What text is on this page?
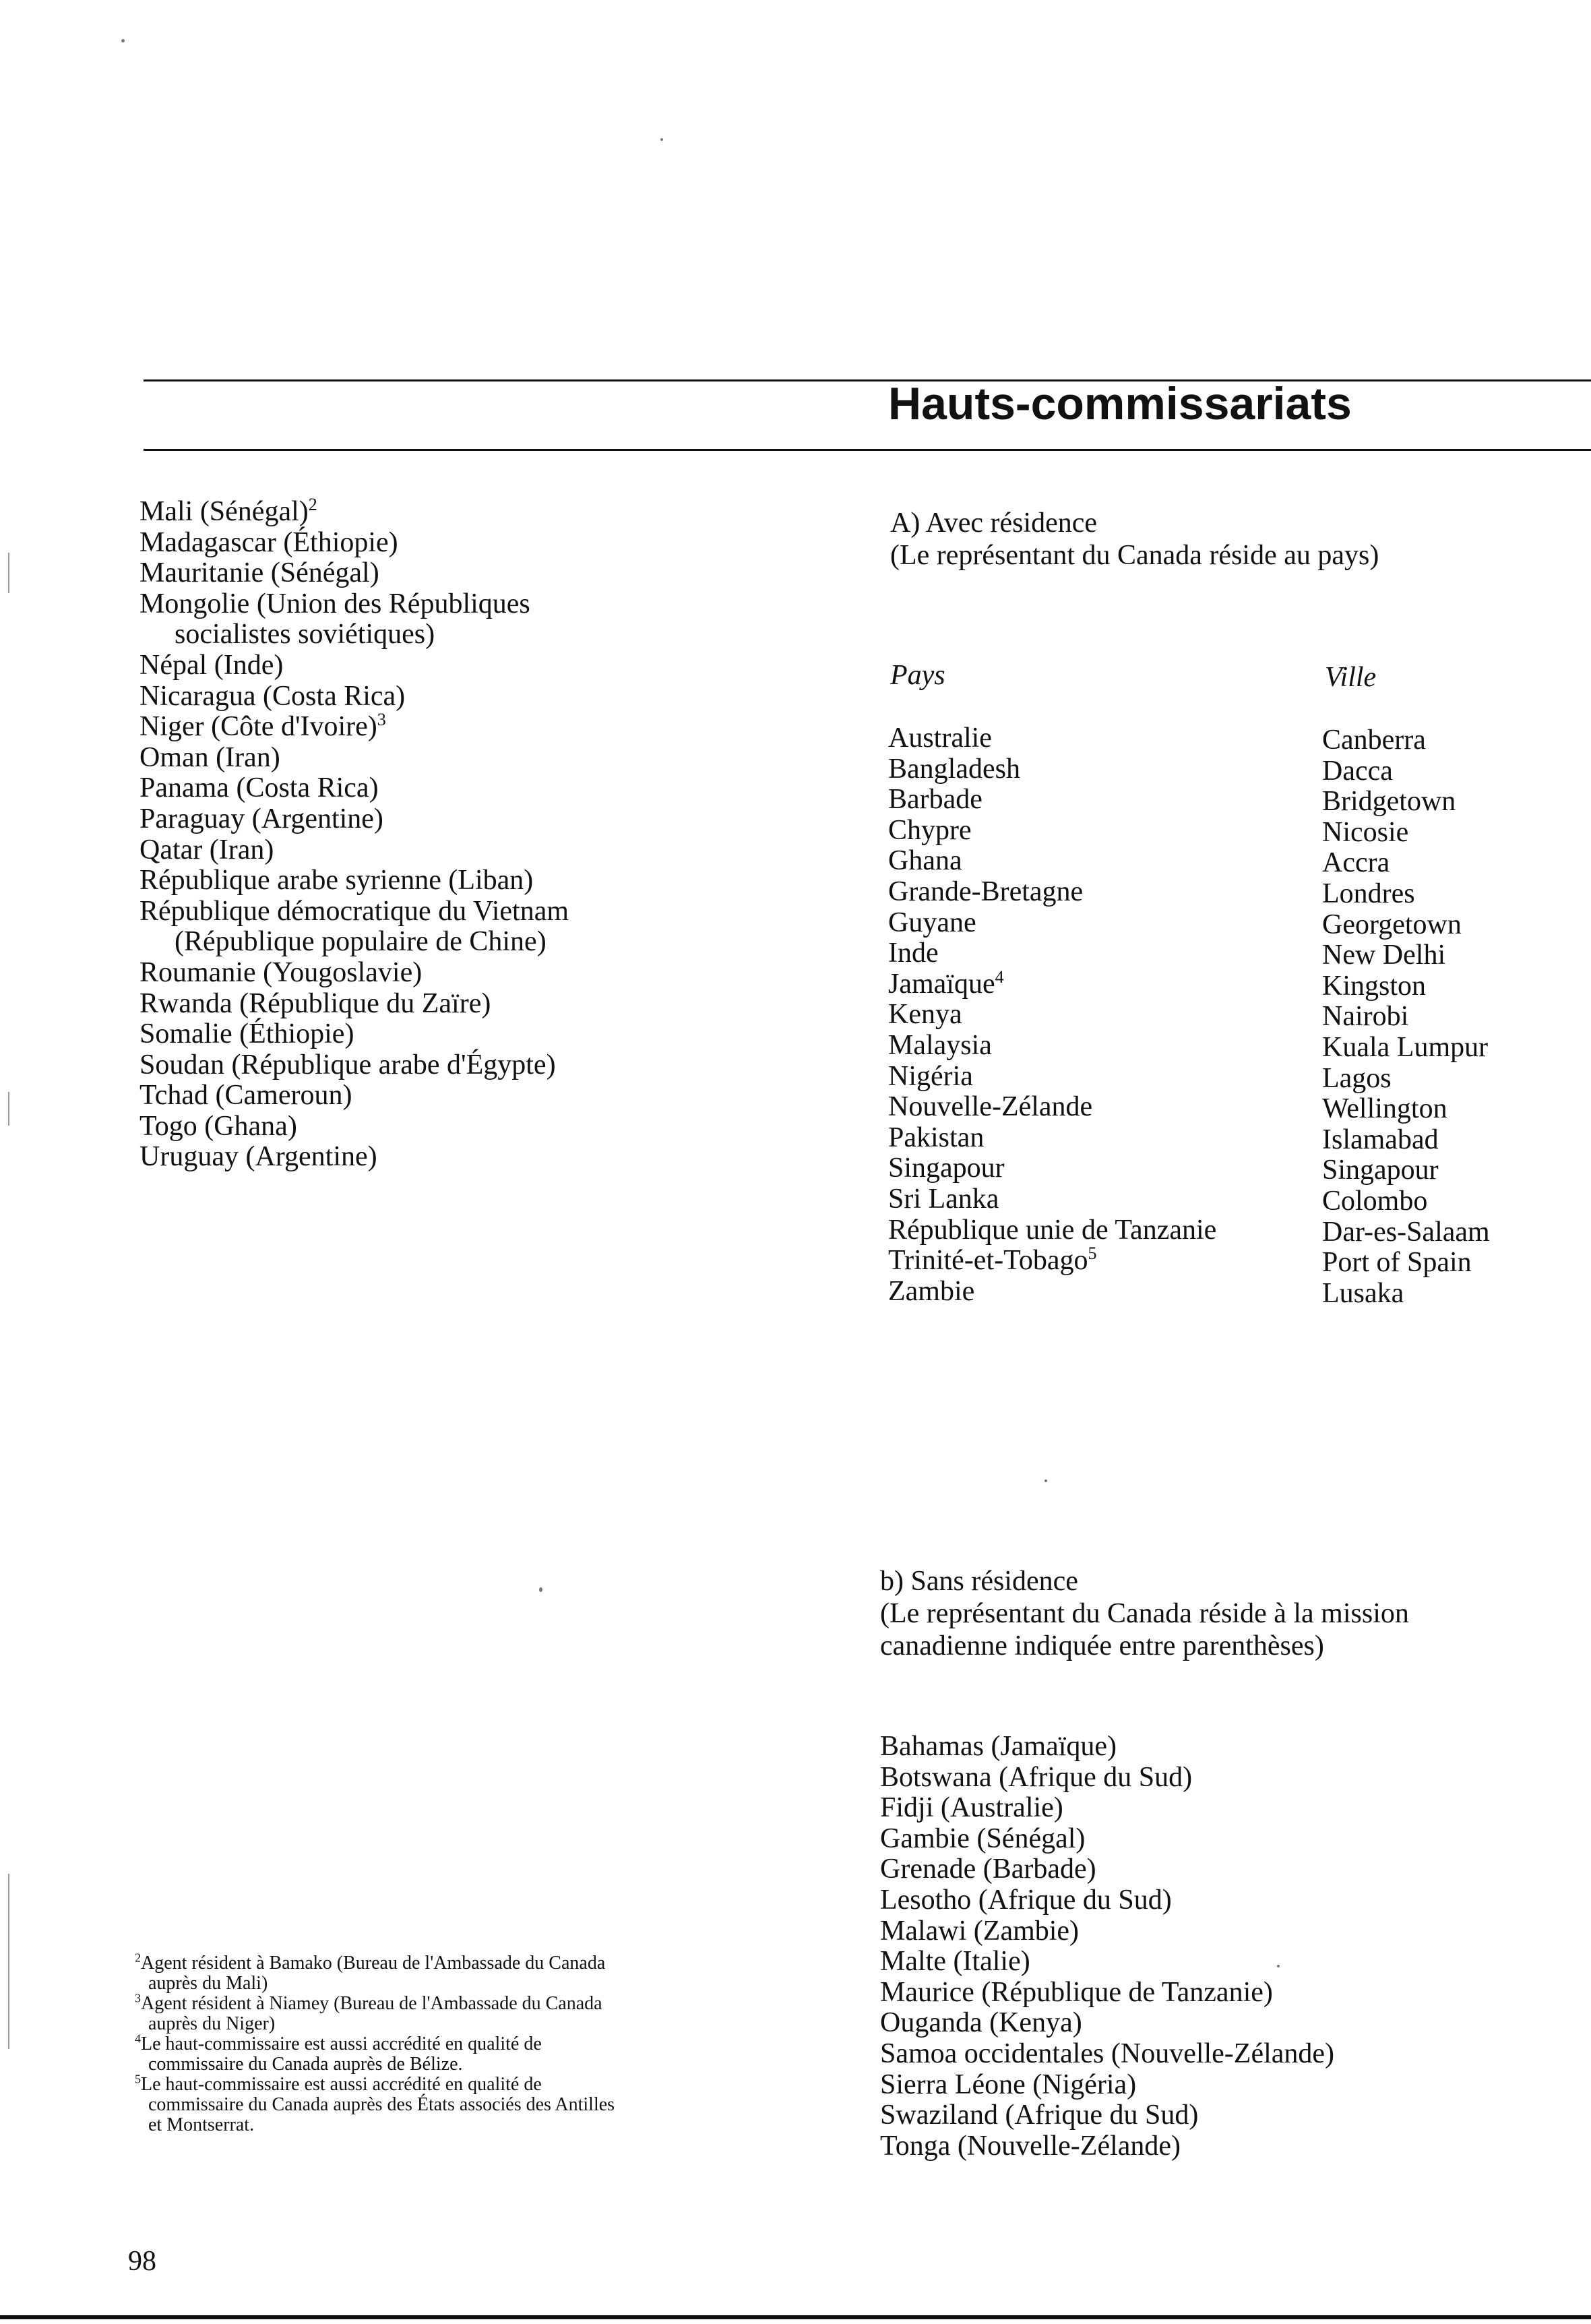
Hauts-commissariats
Mali (Sénégal)$^2$
Madagascar (Éthiopie)
Mauritanie (Sénégal)
Mongolie (Union des Républiques
socialistes soviétiques)
Népal (Inde)
Nicaragua (Costa Rica)
Niger (Côte d'Ivoire)$^3$
Oman (Iran)
Panama (Costa Rica)
Paraguay (Argentine)
Qatar (Iran)
République arabe syrienne (Liban)
République démocratique du Vietnam
(République populaire de Chine)
Roumanie (Yougoslavie)
Rwanda (République du Zaïre)
Somalie (Éthiopie)
Soudan (République arabe d'Égypte)
Tchad (Cameroun)
Togo (Ghana)
Uruguay (Argentine)
A) Avec résidence
(Le représentant du Canada réside au pays)
Pays	Ville
Australie
Bangladesh
Barbade
Chypre
Ghana
Grande-Bretagne
Guyane
Inde
Jamaïque$^4$
Kenya
Malaysia
Nigéria
Nouvelle-Zélande
Pakistan
Singapour
Sri Lanka
République unie de Tanzanie
Trinité-et-Tobago$^5$
Zambie
Canberra
Dacca
Bridgetown
Nicosie
Accra
Londres
Georgetown
New Delhi
Kingston
Nairobi
Kuala Lumpur
Lagos
Wellington
Islamabad
Singapour
Colombo
Dar-es-Salaam
Port of Spain
Lusaka
b) Sans résidence
(Le représentant du Canada réside à la mission
canadienne indiquée entre parenthèses)
Bahamas (Jamaïque)
Botswana (Afrique du Sud)
Fidji (Australie)
Gambie (Sénégal)
Grenade (Barbade)
Lesotho (Afrique du Sud)
Malawi (Zambie)
Malte (Italie)
Maurice (République de Tanzanie)
Ouganda (Kenya)
Samoa occidentales (Nouvelle-Zélande)
Sierra Léone (Nigéria)
Swaziland (Afrique du Sud)
Tonga (Nouvelle-Zélande)

$^2$Agent résident à Bamako (Bureau de l'Ambassade du Canada
auprès du Mali)

$^3$Agent résident à Niamey (Bureau de l'Ambassade du Canada
auprès du Niger)

$^4$Le haut-commissaire est aussi accrédité en qualité de
commissaire du Canada auprès de Bélize.

$^5$Le haut-commissaire est aussi accrédité en qualité de
commissaire du Canada auprès des États associés des Antilles
et Montserrat.

98
